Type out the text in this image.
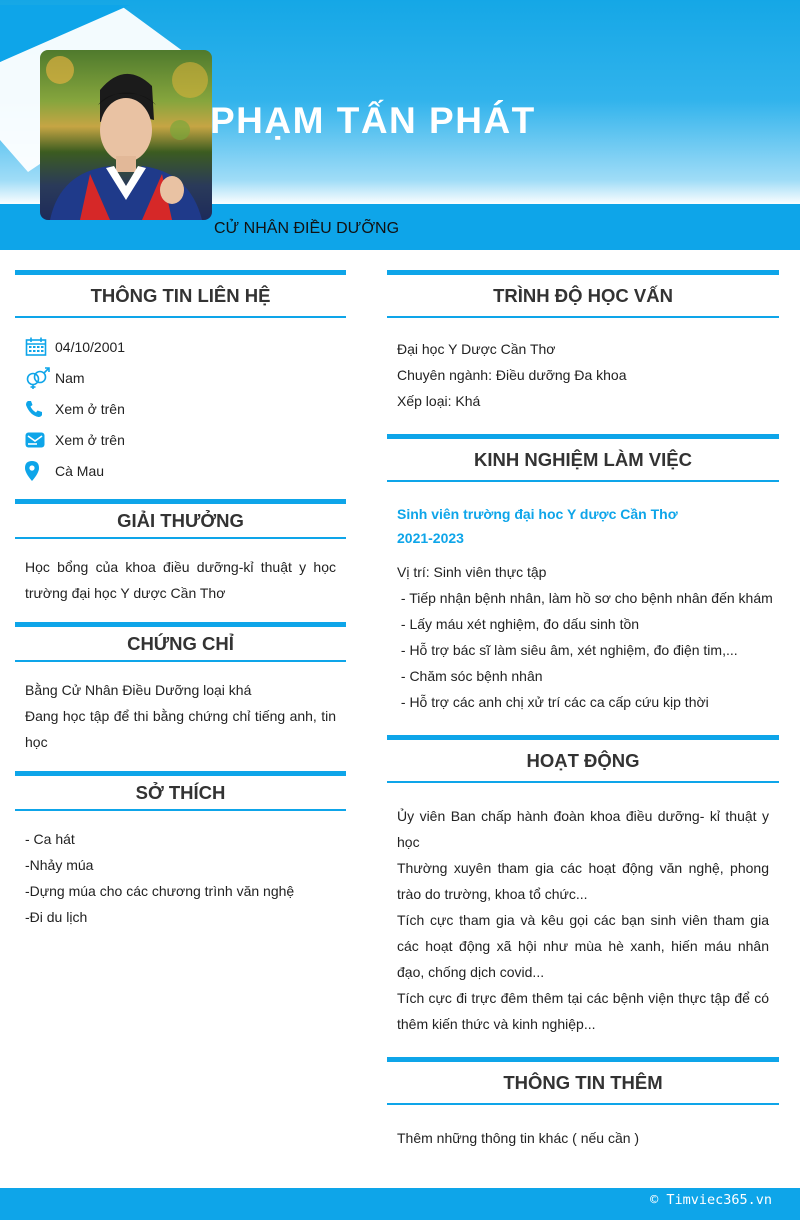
PHẠM TẤN PHÁT
CỬ NHÂN ĐIỀU DƯỠNG
THÔNG TIN LIÊN HỆ
04/10/2001
Nam
Xem ở trên
Xem ở trên
Cà Mau
GIẢI THƯỞNG
Học bổng của khoa điều dưỡng-kỉ thuật y học trường đại học Y dược Cần Thơ
CHỨNG CHỈ
Bằng Cử Nhân Điều Dưỡng loại khá
Đang học tập để thi bằng chứng chỉ tiếng anh, tin học
SỞ THÍCH
- Ca hát
-Nhảy múa
-Dựng múa cho các chương trình văn nghệ
-Đi du lịch
TRÌNH ĐỘ HỌC VẤN
Đại học Y Dược Cần Thơ
Chuyên ngành: Điều dưỡng Đa khoa
Xếp loại: Khá
KINH NGHIỆM LÀM VIỆC
Sinh viên trường đại hoc Y dược Cần Thơ
2021-2023
Vị trí: Sinh viên thực tập
- Tiếp nhận bệnh nhân, làm hồ sơ cho bệnh nhân đến khám
- Lấy máu xét nghiệm, đo dấu sinh tồn
- Hỗ trợ bác sĩ làm siêu âm, xét nghiệm, đo điện tim,...
- Chăm sóc bệnh nhân
- Hỗ trợ các anh chị xử trí các ca cấp cứu kịp thời
HOẠT ĐỘNG
Ủy viên Ban chấp hành đoàn khoa điều dưỡng- kỉ thuật y học
Thường xuyên tham gia các hoạt động văn nghệ, phong trào do trường, khoa tổ chức...
Tích cực tham gia và kêu gọi các bạn sinh viên tham gia các hoạt động xã hội như mùa hè xanh, hiến máu nhân đạo, chống dịch covid...
Tích cực đi trực đêm thêm tại các bệnh viện thực tập để có thêm kiến thức và kinh nghiệp...
THÔNG TIN THÊM
Thêm những thông tin khác ( nếu cần )
© Timviec365.vn
